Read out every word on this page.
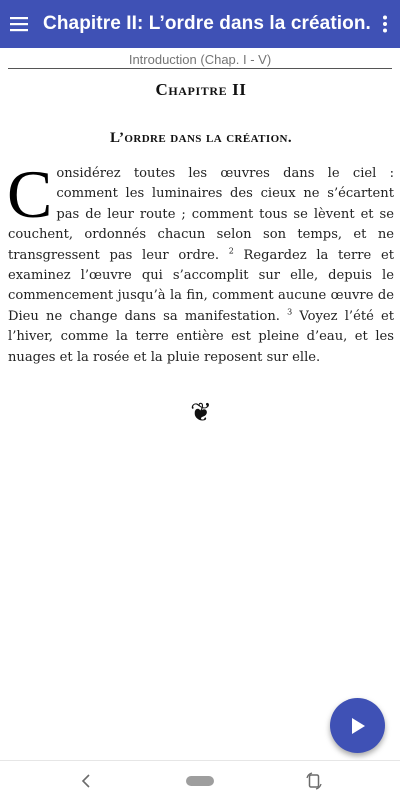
Chapitre II: L’ordre dans la création.
Introduction (Chap. I - V)
Chapitre II
L’ordre dans la création.

Considérez toutes les œuvres dans le ciel : comment les luminaires des cieux ne s’écartent pas de leur route ; comment tous se lèvent et se couchent, ordonnés chacun selon son temps, et ne transgressent pas leur ordre. $^2$ Regardez la terre et examinez l’œuvre qui s’accomplit sur elle, depuis le commencement jusqu’à la fin, comment aucune œuvre de Dieu ne change dans sa manifestation. $^3$ Voyez l’été et l’hiver, comme la terre entière est pleine d’eau, et les nuages et la rosée et la pluie reposent sur elle.

❦
